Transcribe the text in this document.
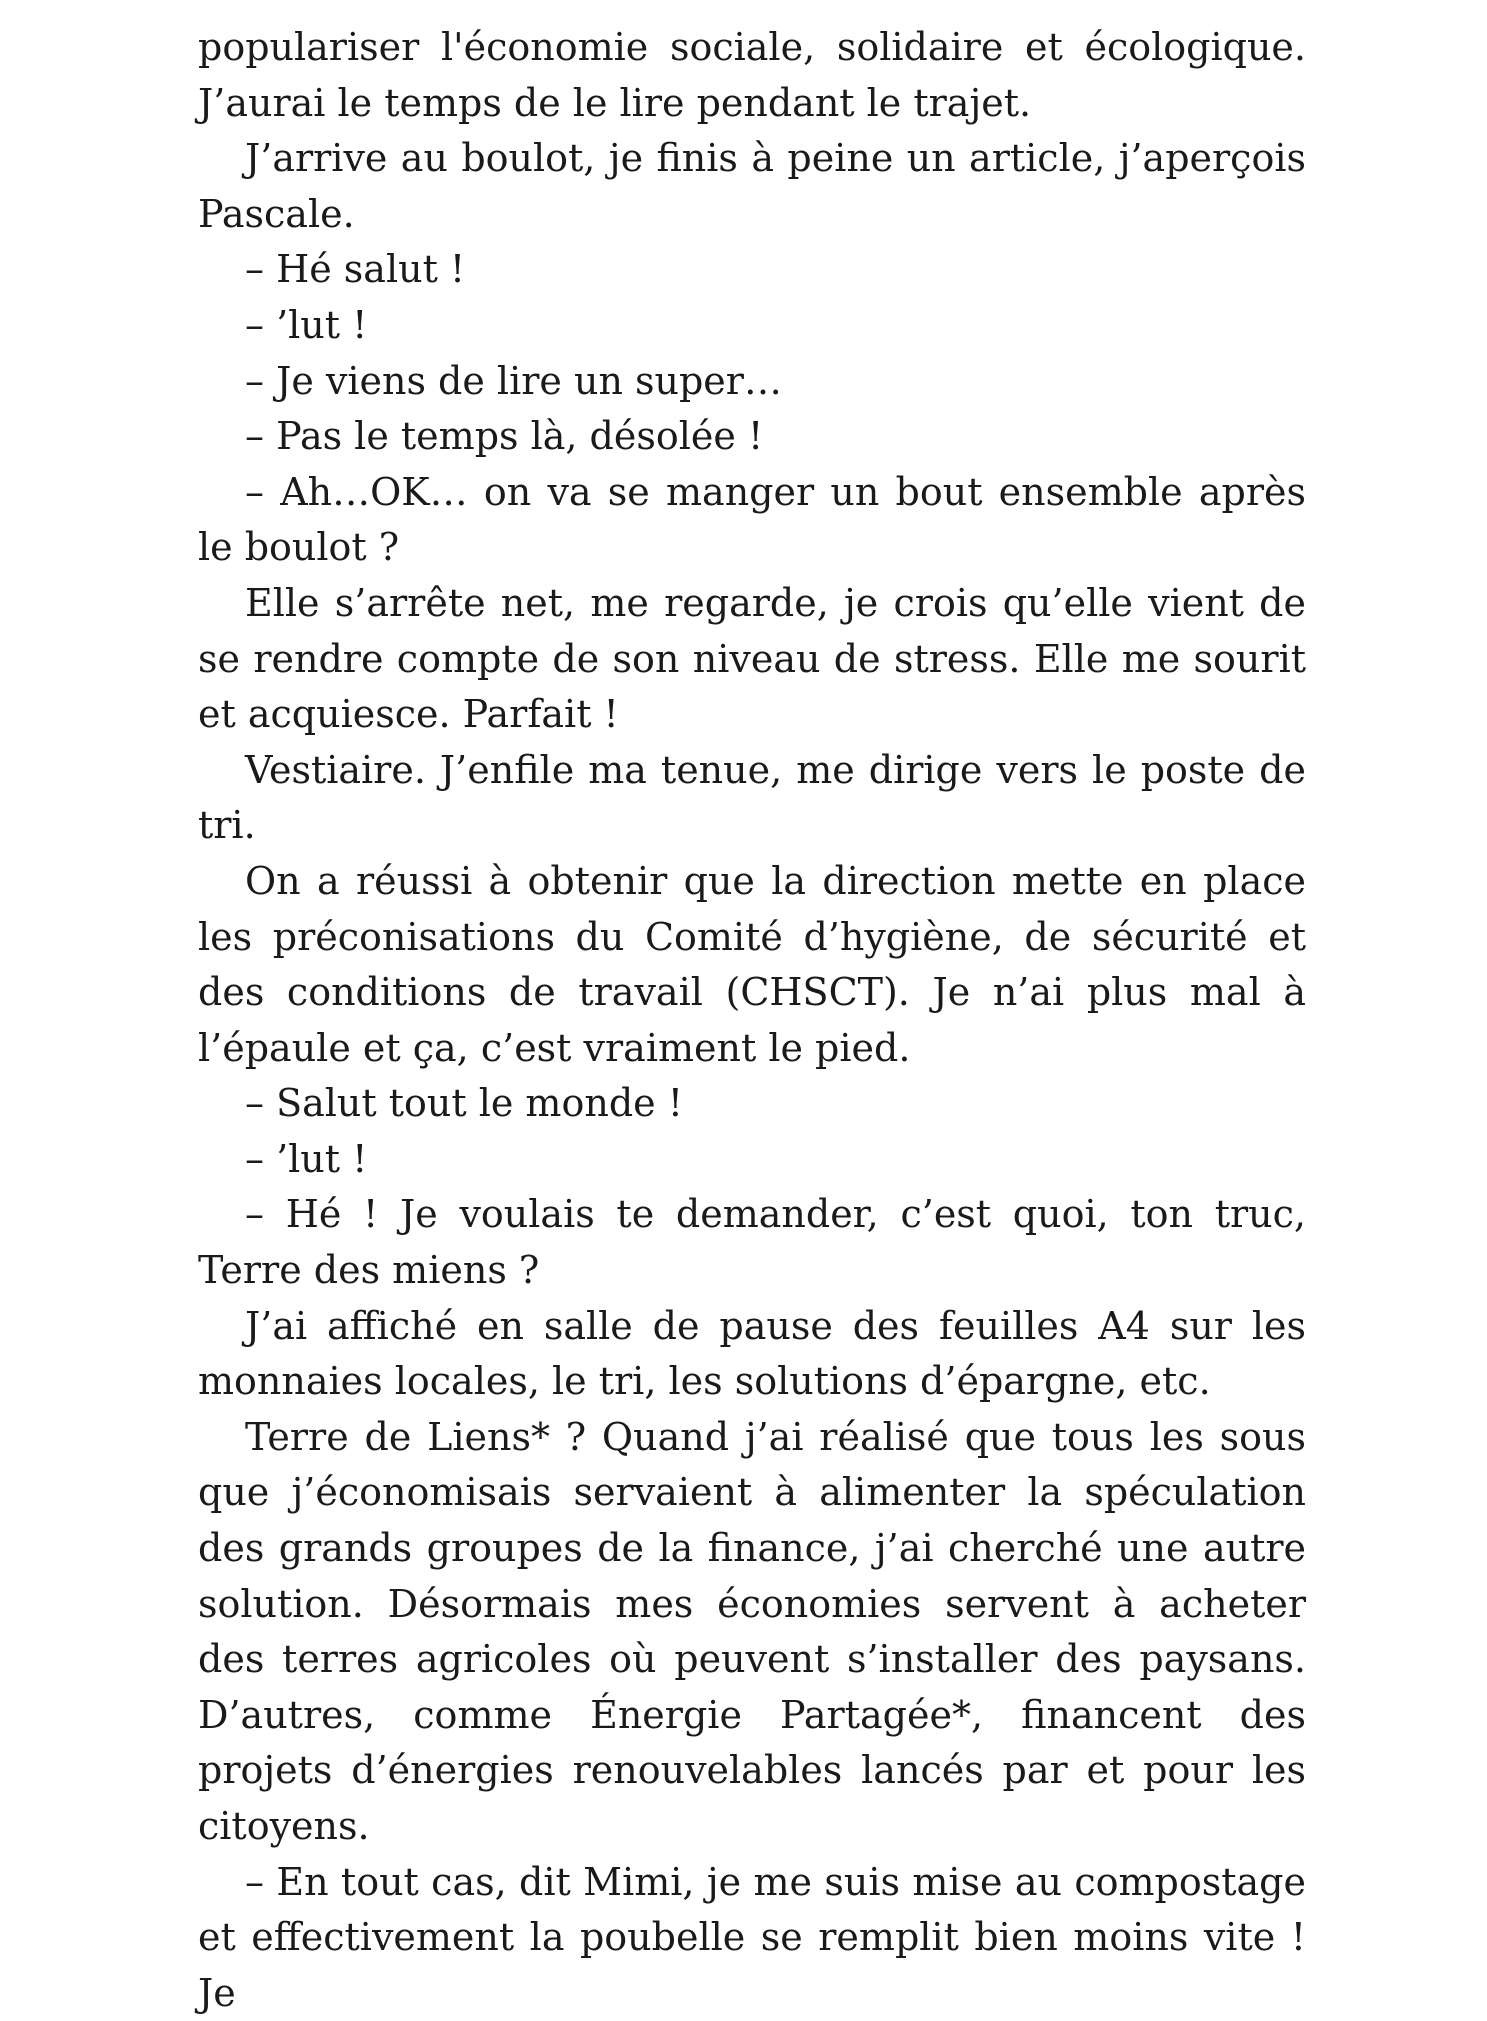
populariser l'économie sociale, solidaire et écologique. J’aurai le temps de le lire pendant le trajet.

J’arrive au boulot, je finis à peine un article, j’aperçois Pascale.

– Hé salut !

– ’lut !

– Je viens de lire un super…

– Pas le temps là, désolée !

– Ah…OK… on va se manger un bout ensemble après le boulot ?

Elle s’arrête net, me regarde, je crois qu’elle vient de se rendre compte de son niveau de stress. Elle me sourit et acquiesce. Parfait !

Vestiaire. J’enfile ma tenue, me dirige vers le poste de tri.

On a réussi à obtenir que la direction mette en place les préconisations du Comité d’hygiène, de sécurité et des conditions de travail (CHSCT). Je n’ai plus mal à l’épaule et ça, c’est vraiment le pied.

– Salut tout le monde !

– ’lut !

– Hé ! Je voulais te demander, c’est quoi, ton truc, Terre des miens ?

J’ai affiché en salle de pause des feuilles A4 sur les monnaies locales, le tri, les solutions d’épargne, etc.

Terre de Liens* ? Quand j’ai réalisé que tous les sous que j’économisais servaient à alimenter la spéculation des grands groupes de la finance, j’ai cherché une autre solution. Désormais mes économies servent à acheter des terres agricoles où peuvent s’installer des paysans. D’autres, comme Énergie Partagée*, financent des projets d’énergies renouvelables lancés par et pour les citoyens.

– En tout cas, dit Mimi, je me suis mise au compostage et effectivement la poubelle se remplit bien moins vite ! Je
